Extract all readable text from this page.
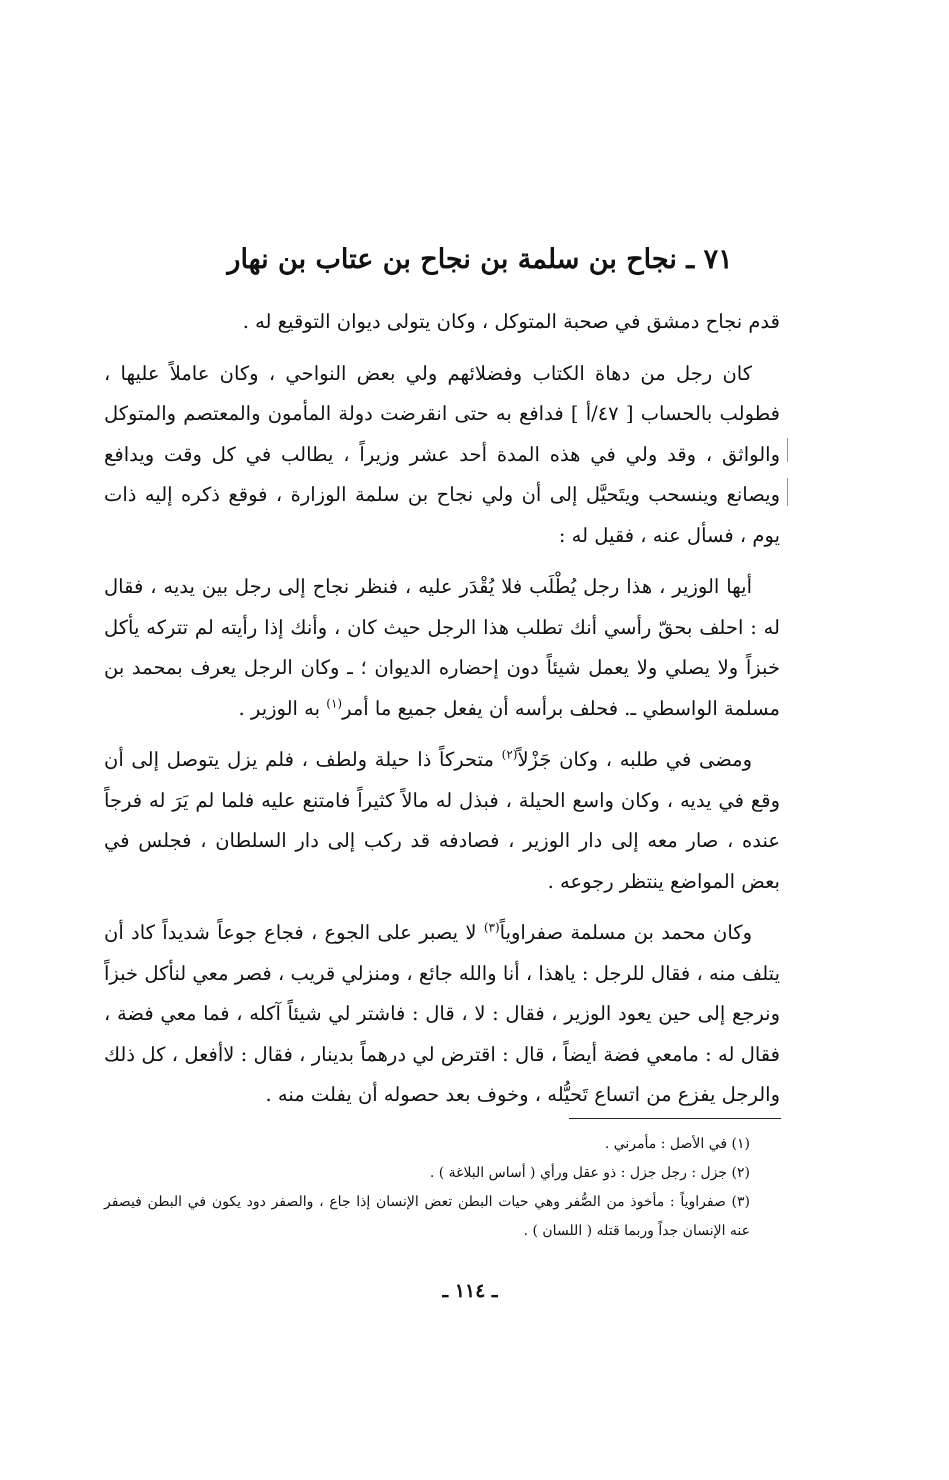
٧١ ـ نجاح بن سلمة بن نجاح بن عتاب بن نهار

قدم نجاح دمشق في صحبة المتوكل ، وكان يتولى ديوان التوقيع له .

كان رجل من دهاة الكتاب وفضلائهم ولي بعض النواحي ، وكان عاملاً عليها ، فطولب بالحساب [ ٤٧/أ ] فدافع به حتى انقرضت دولة المأمون والمعتصم والمتوكل والواثق ، وقد ولي في هذه المدة أحد عشر وزيراً ، يطالب في كل وقت ويدافع ويصانع وينسحب ويتَحيَّل إلى أن ولي نجاح بن سلمة الوزارة ، فوقع ذكره إليه ذات يوم ، فسأل عنه ، فقيل له :

أيها الوزير ، هذا رجل يُطْلَب فلا يُقْدَر عليه ، فنظر نجاح إلى رجل بين يديه ، فقال له : احلف بحقّ رأسي أنك تطلب هذا الرجل حيث كان ، وأنك إذا رأيته لم تتركه يأكل خبزاً ولا يصلي ولا يعمل شيئاً دون إحضاره الديوان ؛ ـ وكان الرجل يعرف بمحمد بن مسلمة الواسطي ـ. فحلف برأسه أن يفعل جميع ما أمر$^{(١)}$ به الوزير .

ومضى في طلبه ، وكان جَزْلاً$^{(٢)}$ متحركاً ذا حيلة ولطف ، فلم يزل يتوصل إلى أن وقع في يديه ، وكان واسع الحيلة ، فبذل له مالاً كثيراً فامتنع عليه فلما لم يَرَ له فرجاً عنده ، صار معه إلى دار الوزير ، فصادفه قد ركب إلى دار السلطان ، فجلس في بعض المواضع ينتظر رجوعه .

وكان محمد بن مسلمة صفراوياً$^{(٣)}$ لا يصبر على الجوع ، فجاع جوعاً شديداً كاد أن يتلف منه ، فقال للرجل : ياهذا ، أنا والله جائع ، ومنزلي قريب ، فصر معي لنأكل خبزاً ونرجع إلى حين يعود الوزير ، فقال : لا ، قال : فاشتر لي شيئاً آكله ، فما معي فضة ، فقال له : مامعي فضة أيضاً ، قال : اقترض لي درهماً بدينار ، فقال : لاأفعل ، كل ذلك والرجل يفزع من اتساع تَحيُّله ، وخوف بعد حصوله أن يفلت منه .

(١) في الأصل : مأمرني .

(٢) جزل : رجل جزل : ذو عقل ورأي ( أساس البلاغة ) .

(٣) صفراوياً : مأخوذ من الصُّفر وهي حيات البطن تعض الإنسان إذا جاع ، والصفر دود يكون في البطن فيصفر عنه الإنسان جداً وربما قتله ( اللسان ) .

ـ ١١٤ ـ
